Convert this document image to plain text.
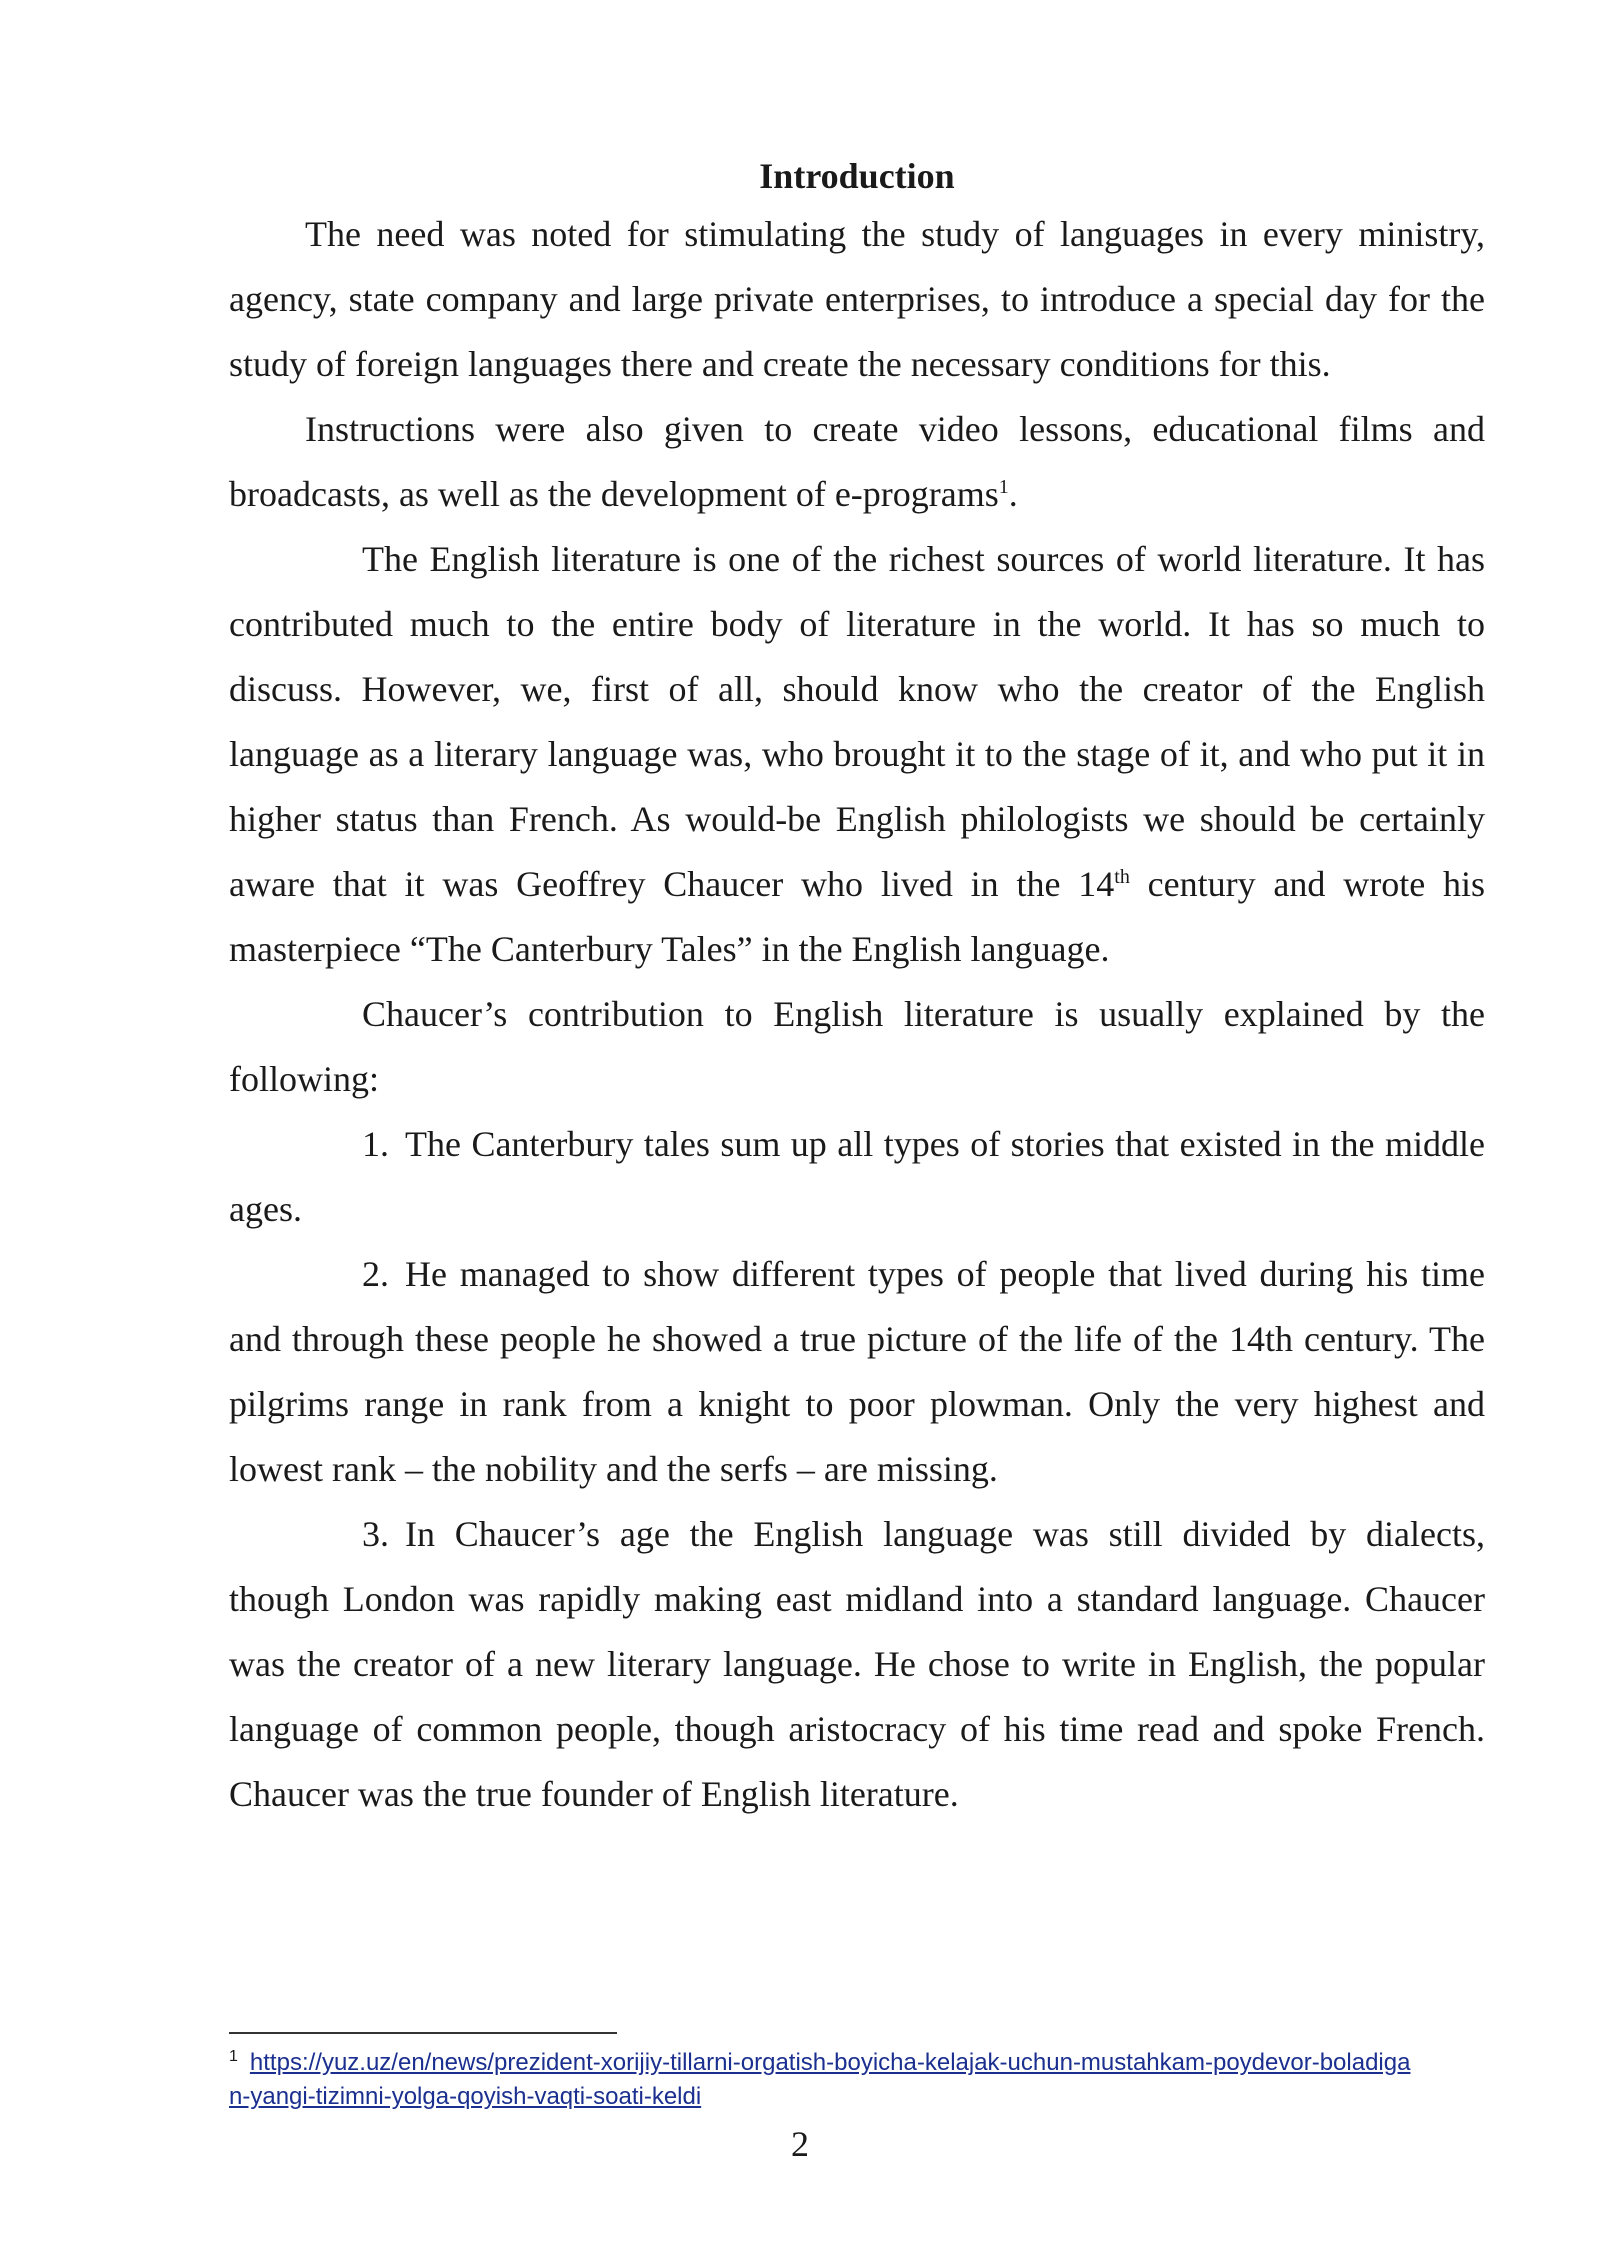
Introduction

The need was noted for stimulating the study of languages in every ministry, agency, state company and large private enterprises, to introduce a special day for the study of foreign languages there and create the necessary conditions for this.

Instructions were also given to create video lessons, educational films and broadcasts, as well as the development of e-programs$^1$.

The English literature is one of the richest sources of world literature. It has contributed much to the entire body of literature in the world. It has so much to discuss. However, we, first of all, should know who the creator of the English language as a literary language was, who brought it to the stage of it, and who put it in higher status than French. As would-be English philologists we should be certainly aware that it was Geoffrey Chaucer who lived in the 14th century and wrote his masterpiece “The Canterbury Tales” in the English language.

Chaucer’s contribution to English literature is usually explained by the following:

1. The Canterbury tales sum up all types of stories that existed in the middle ages.

2. He managed to show different types of people that lived during his time and through these people he showed a true picture of the life of the 14th century. The pilgrims range in rank from a knight to poor plowman. Only the very highest and lowest rank – the nobility and the serfs – are missing.

3. In Chaucer’s age the English language was still divided by dialects, though London was rapidly making east midland into a standard language. Chaucer was the creator of a new literary language. He chose to write in English, the popular language of common people, though aristocracy of his time read and spoke French. Chaucer was the true founder of English literature.

$^1$ https://yuz.uz/en/news/prezident-xorijiy-tillarni-orgatish-boyicha-kelajak-uchun-mustahkam-poydevor-boladigan-yangi-tizimni-yolga-qoyish-vaqti-soati-keldi
2
